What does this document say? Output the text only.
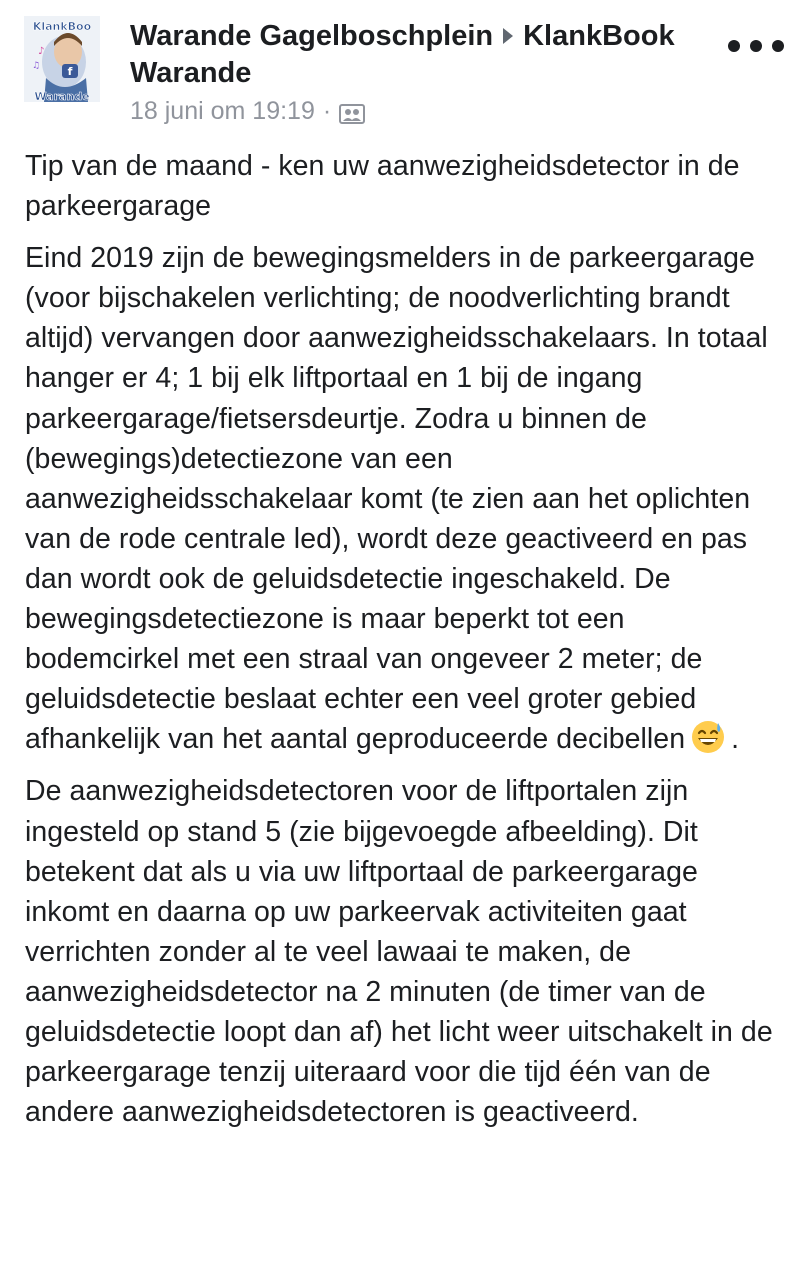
f
♪
♫
KlankBoo
Warande
Warande Gagelboschplein KlankBook Warande
18 juni om 19:19 ·

Tip van de maand - ken uw aanwezigheidsdetector in de parkeergarage

Eind 2019 zijn de bewegingsmelders in de parkeergarage (voor bijschakelen verlichting; de noodverlichting brandt altijd) vervangen door aanwezigheidsschakelaars. In totaal hanger er 4; 1 bij elk liftportaal en 1 bij de ingang parkeergarage/fietsersdeurtje. Zodra u binnen de (bewegings)detectiezone van een aanwezigheidsschakelaar komt (te zien aan het oplichten van de rode centrale led), wordt deze geactiveerd en pas dan wordt ook de geluidsdetectie ingeschakeld. De bewegingsdetectiezone is maar beperkt tot een bodemcirkel met een straal van ongeveer 2 meter; de geluidsdetectie beslaat echter een veel groter gebied afhankelijk van het aantal geproduceerde decibellen .

De aanwezigheidsdetectoren voor de liftportalen zijn ingesteld op stand 5 (zie bijgevoegde afbeelding). Dit betekent dat als u via uw liftportaal de parkeergarage inkomt en daarna op uw parkeervak activiteiten gaat verrichten zonder al te veel lawaai te maken, de aanwezigheidsdetector na 2 minuten (de timer van de geluidsdetectie loopt dan af) het licht weer uitschakelt in de parkeergarage tenzij uiteraard voor die tijd één van de andere aanwezigheidsdetectoren is geactiveerd.
